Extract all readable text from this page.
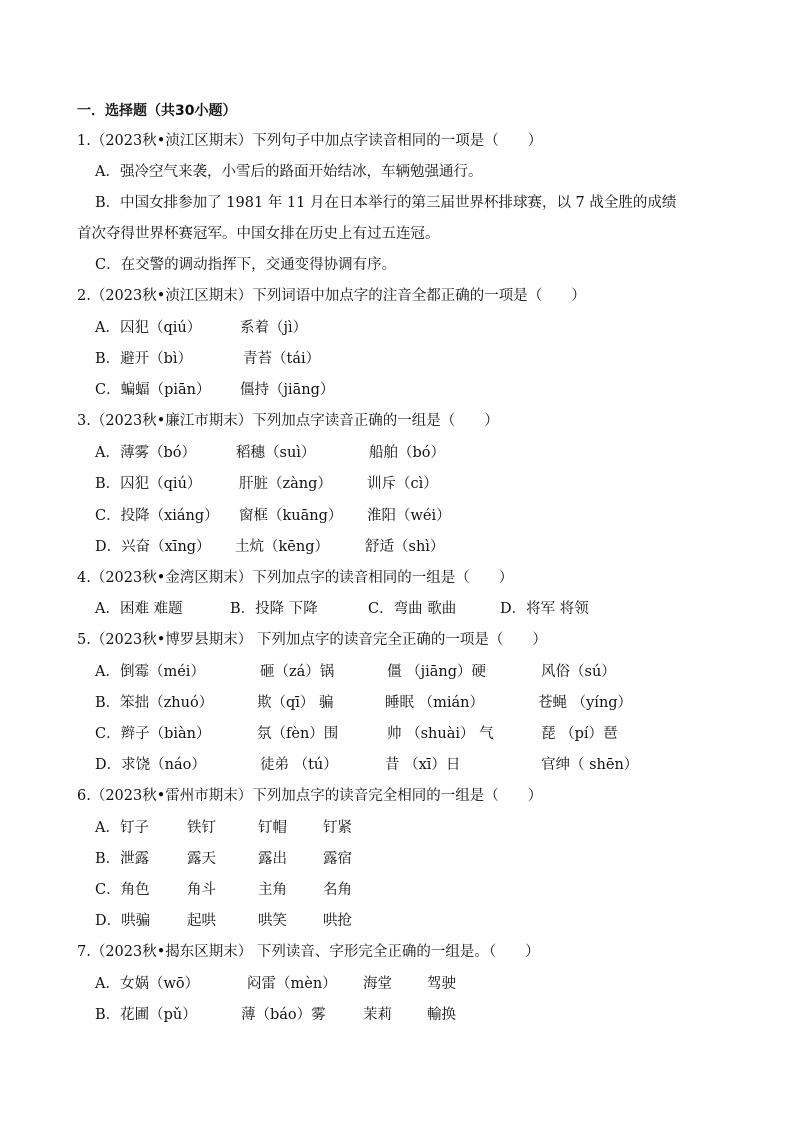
一．选择题（共30小题）
1.（2023秋•浈江区期末）下列句子中加点字读音相同的一项是（　　）
A．强冷空气来袭，小雪后的路面开始结冰，车辆勉强通行。
B．中国女排参加了 1981 年 11 月在日本举行的第三届世界杯排球赛，以 7 战全胜的成绩
首次夺得世界杯赛冠军。中国女排在历史上有过五连冠。
C．在交警的调动指挥下，交通变得协调有序。
2.（2023秋•浈江区期末）下列词语中加点字的注音全都正确的一项是（　　）
A．囚犯（qiú）	系着（jì）
B．避开（bì）	青苔（tái）
C．蝙蝠（piān） 僵持（jiāng）
3.（2023秋•廉江市期末）下列加点字读音正确的一组是（　　）
A．薄雾（bó）	稻穗（suì）	船舶（bó）
B．囚犯（qiú）	肝脏（zàng） 训斥（cì）
C．投降（xiáng） 窗框（kuāng） 淮阳（wéi）
D．兴奋（xīng） 土炕（kēng） 舒适（shì）
4.（2023秋•金湾区期末）下列加点字的读音相同的一组是（　　）
A．困难 难题	B．投降 下降	C．弯曲 歌曲	D．将军 将领
5.（2023秋•博罗县期末） 下列加点字的读音完全正确的一项是（　　）
A．倒霉（méi）	砸（zá）锅	僵 （jiāng）硬	风俗（sú）
B．笨拙（zhuó）	欺（qī） 骗	睡眠 （mián）	苍蝇 （yíng）
C．辫子（biàn）	氛（fèn）围	帅 （shuài） 气	琵 （pí）琶
D．求饶（náo）	徒弟 （tú）	昔 （xī）日	官绅（ shēn）
6.（2023秋•雷州市期末）下列加点字的读音完全相同的一组是（　　）
A．钉子	铁钉	钉帽 钉紧
B．泄露	露天	露出 露宿
C．角色	角斗	主角 名角
D．哄骗	起哄	哄笑 哄抢
7.（2023秋•揭东区期末） 下列读音、字形完全正确的一组是。（　　）
A．女娲（wō）	闷雷（mèn） 海堂 驾驶
B．花圃（pǔ）	薄（báo）雾	茉莉 輸换
